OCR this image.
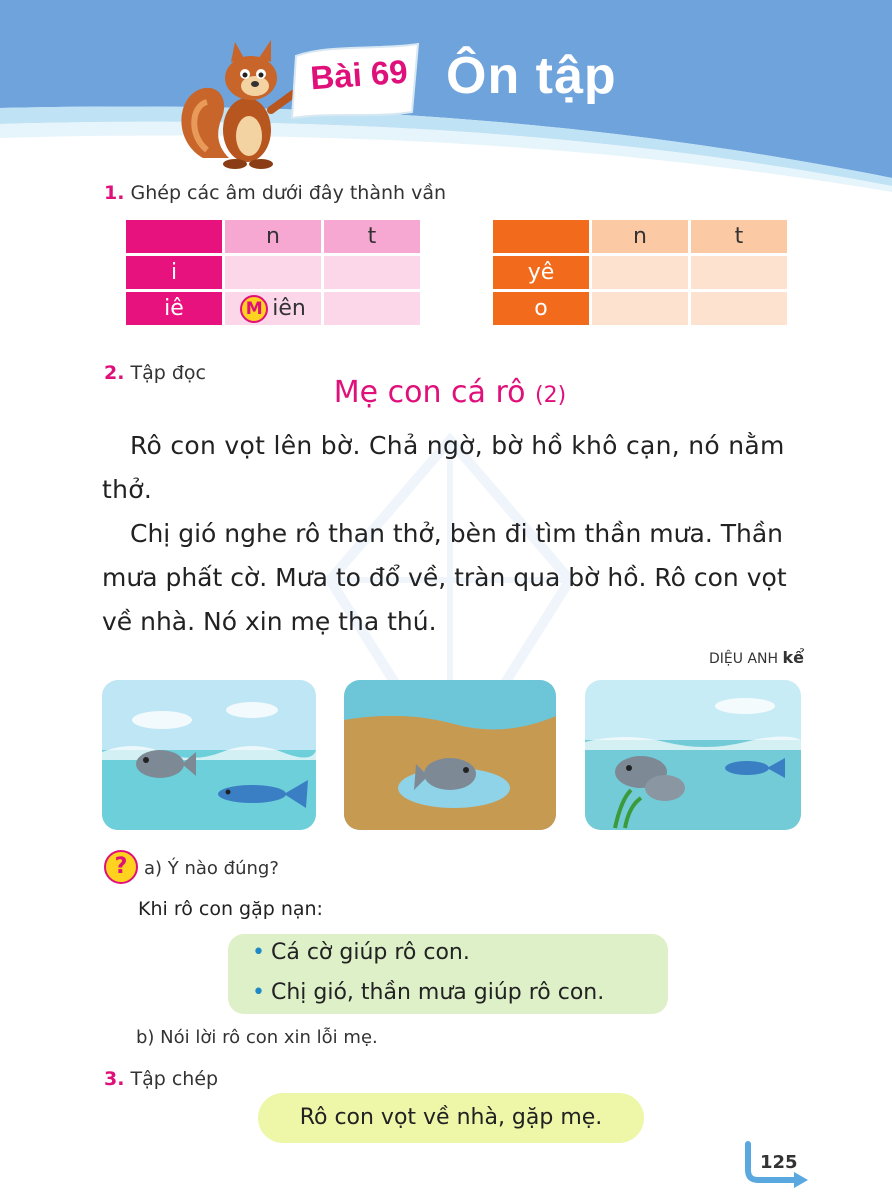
Bài 69 Ôn tập
1. Ghép các âm dưới đây thành vần
	n	t
i		
iê	M iên	
	n	t
yê		
o		
2. Tập đọc
Mẹ con cá rô (2)

Rô con vọt lên bờ. Chả ngờ, bờ hồ khô cạn, nó nằm thở.

Chị gió nghe rô than thở, bèn đi tìm thần mưa. Thần mưa phất cờ. Mưa to đổ về, tràn qua bờ hồ. Rô con vọt về nhà. Nó xin mẹ tha thú.

DIỆU ANH kể
? a) Ý nào đúng?
Khi rô con gặp nạn:
• Cá cờ giúp rô con.
• Chị gió, thần mưa giúp rô con.
b) Nói lời rô con xin lỗi mẹ.
3. Tập chép
Rô con vọt về nhà, gặp mẹ.
125
